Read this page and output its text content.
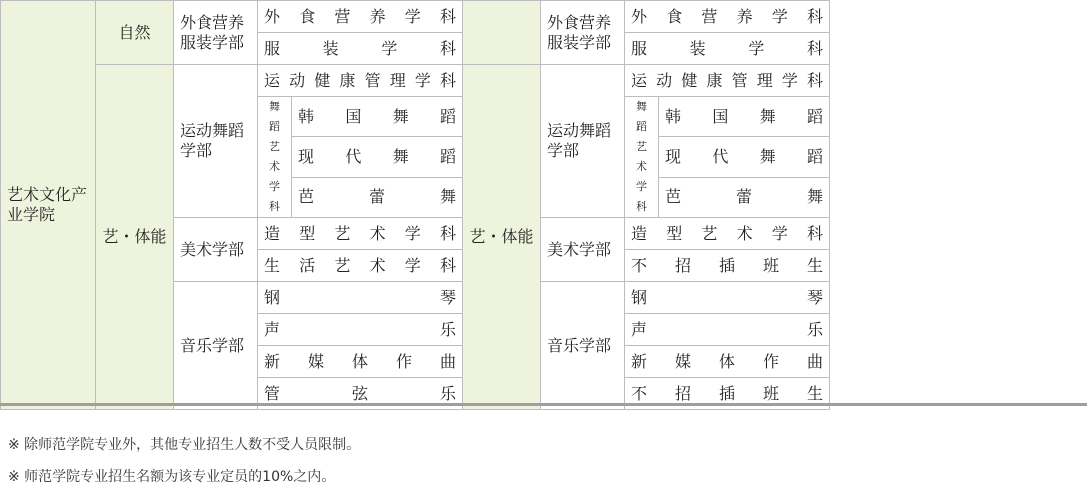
艺术文化产业学院	自然	外食营养服装学部	外食营养学科			外食营养服装学部	外食营养学科	
			服装学科				服装学科	
	艺・体能	运动舞蹈学部	运动健康管理学科		艺・体能	运动舞蹈学部	运动健康管理学科	
			舞蹈艺术学科	韩国舞蹈			舞蹈艺术学科	韩国舞蹈
				现代舞蹈				现代舞蹈
				芭蕾舞				芭蕾舞
		美术学部	造型艺术学科			美术学部	造型艺术学科	
			生活艺术学科				不招插班生	
		音乐学部	钢琴			音乐学部	钢琴	
			声乐				声乐	
			新媒体作曲				新媒体作曲	
			管弦乐				不招插班生	
※ 除师范学院专业外，其他专业招生人数不受人员限制。
※ 师范学院专业招生名额为该专业定员的10%之内。
